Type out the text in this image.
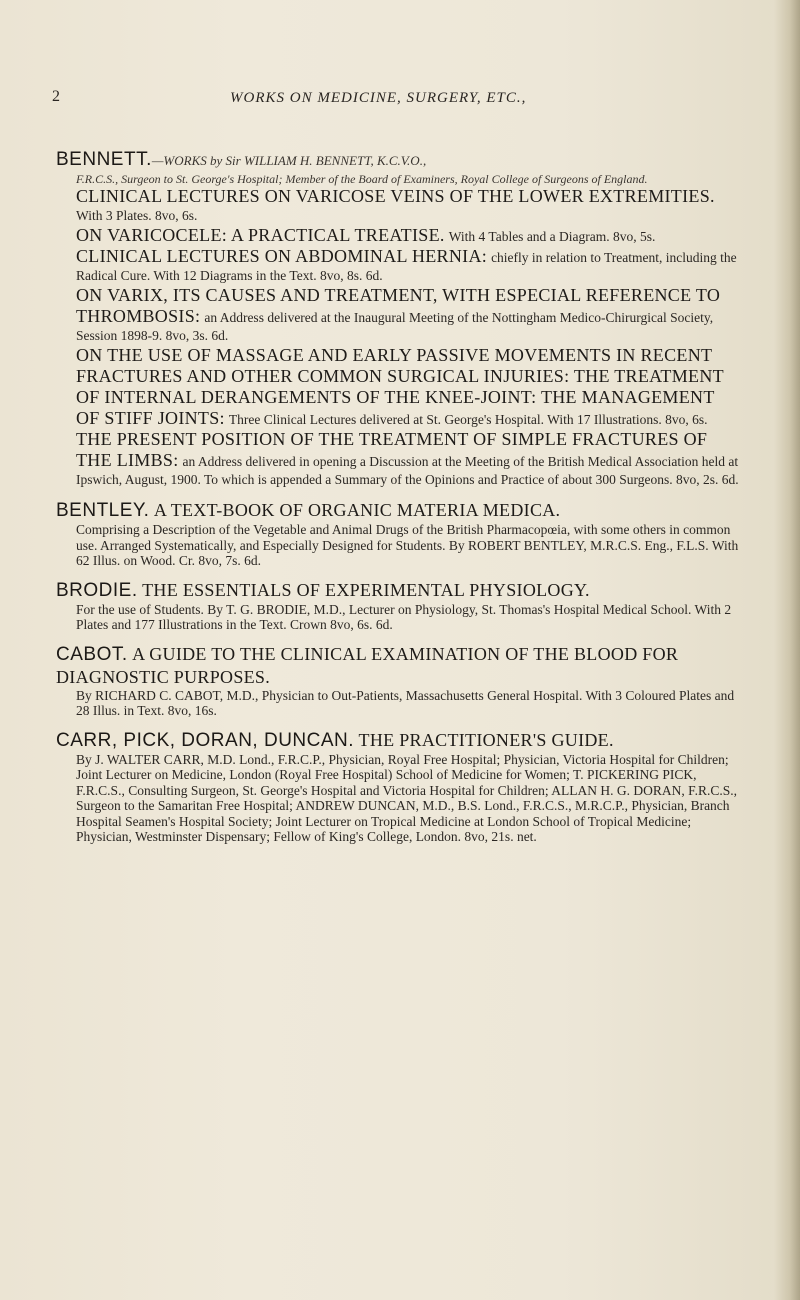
2	WORKS ON MEDICINE, SURGERY, ETC.,
BENNETT.—WORKS by Sir WILLIAM H. BENNETT, K.C.V.O.,
F.R.C.S., Surgeon to St. George's Hospital; Member of the Board of Examiners, Royal College of Surgeons of England.
CLINICAL LECTURES ON VARICOSE VEINS OF THE LOWER EXTREMITIES. With 3 Plates. 8vo, 6s.
ON VARICOCELE: A PRACTICAL TREATISE. With 4 Tables and a Diagram. 8vo, 5s.
CLINICAL LECTURES ON ABDOMINAL HERNIA: chiefly in relation to Treatment, including the Radical Cure. With 12 Diagrams in the Text. 8vo, 8s. 6d.
ON VARIX, ITS CAUSES AND TREATMENT, WITH ESPECIAL REFERENCE TO THROMBOSIS: an Address delivered at the Inaugural Meeting of the Nottingham Medico-Chirurgical Society, Session 1898-9. 8vo, 3s. 6d.
ON THE USE OF MASSAGE AND EARLY PASSIVE MOVEMENTS IN RECENT FRACTURES AND OTHER COMMON SURGICAL INJURIES: THE TREATMENT OF INTERNAL DERANGEMENTS OF THE KNEE-JOINT: THE MANAGEMENT OF STIFF JOINTS: Three Clinical Lectures delivered at St. George's Hospital. With 17 Illustrations. 8vo, 6s.
THE PRESENT POSITION OF THE TREATMENT OF SIMPLE FRACTURES OF THE LIMBS: an Address delivered in opening a Discussion at the Meeting of the British Medical Association held at Ipswich, August, 1900. To which is appended a Summary of the Opinions and Practice of about 300 Surgeons. 8vo, 2s. 6d.
BENTLEY. A TEXT-BOOK OF ORGANIC MATERIA MEDICA.
Comprising a Description of the Vegetable and Animal Drugs of the British Pharmacopœia, with some others in common use. Arranged Systematically, and Especially Designed for Students. By ROBERT BENTLEY, M.R.C.S. Eng., F.L.S. With 62 Illus. on Wood. Cr. 8vo, 7s. 6d.
BRODIE. THE ESSENTIALS OF EXPERIMENTAL PHYSIOLOGY.
For the use of Students. By T. G. BRODIE, M.D., Lecturer on Physiology, St. Thomas's Hospital Medical School. With 2 Plates and 177 Illustrations in the Text. Crown 8vo, 6s. 6d.
CABOT. A GUIDE TO THE CLINICAL EXAMINATION OF THE BLOOD FOR DIAGNOSTIC PURPOSES.
By RICHARD C. CABOT, M.D., Physician to Out-Patients, Massachusetts General Hospital. With 3 Coloured Plates and 28 Illus. in Text. 8vo, 16s.
CARR, PICK, DORAN, DUNCAN. THE PRACTITIONER'S GUIDE.
By J. WALTER CARR, M.D. Lond., F.R.C.P., Physician, Royal Free Hospital; Physician, Victoria Hospital for Children; Joint Lecturer on Medicine, London (Royal Free Hospital) School of Medicine for Women; T. PICKERING PICK, F.R.C.S., Consulting Surgeon, St. George's Hospital and Victoria Hospital for Children; ALLAN H. G. DORAN, F.R.C.S., Surgeon to the Samaritan Free Hospital; ANDREW DUNCAN, M.D., B.S. Lond., F.R.C.S., M.R.C.P., Physician, Branch Hospital Seamen's Hospital Society; Joint Lecturer on Tropical Medicine at London School of Tropical Medicine; Physician, Westminster Dispensary; Fellow of King's College, London. 8vo, 21s. net.
